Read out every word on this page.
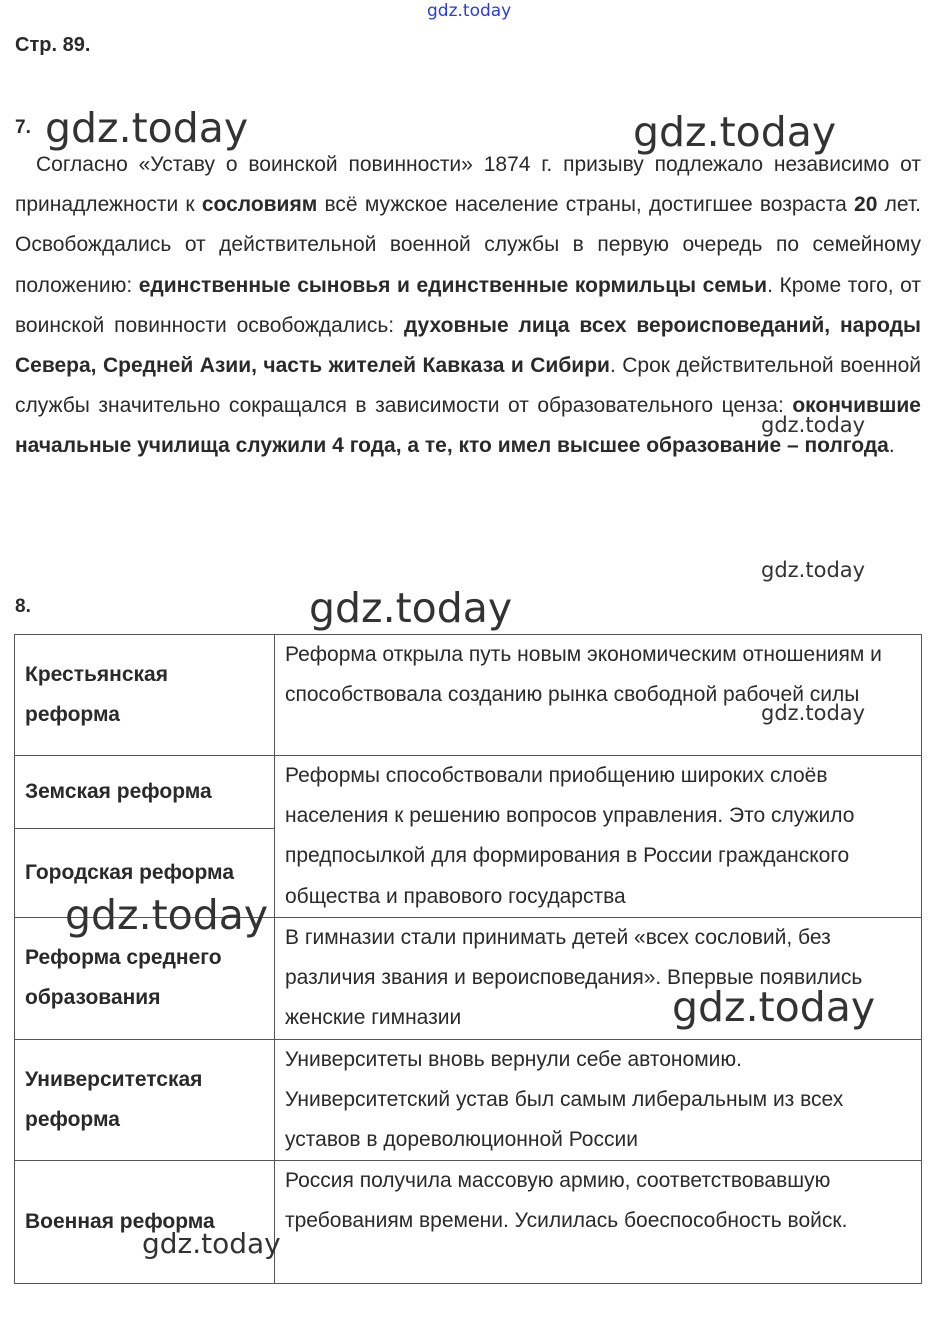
gdz.today
Стр. 89.
7.

 Согласно «Уставу о воинской повинности» 1874 г. призыву подлежало независимо от принадлежности к сословиям всё мужское население страны, достигшее возраста 20 лет. Освобождались от действительной военной службы в первую очередь по семейному положению: единственные сыновья и единственные кормильцы семьи. Кроме того, от воинской повинности освобождались: духовные лица всех вероисповеданий, народы Севера, Средней Азии, часть жителей Кавказа и Сибири. Срок действительной военной службы значительно сокращался в зависимости от образовательного ценза: окончившие начальные училища служили 4 года, а те, кто имел высшее образование – полгода.

8.
Крестьянская реформа	Реформа открыла путь новым экономическим отношениям и способствовала созданию рынка свободной рабочей силы
Земская реформа	Реформы способствовали приобщению широких слоёв населения к решению вопросов управления. Это служило предпосылкой для формирования в России гражданского общества и правового государства
Городская реформа	
Реформа среднего образования	В гимназии стали принимать детей «всех сословий, без различия звания и вероисповедания». Впервые появились женские гимназии
Университетская реформа	Университеты вновь вернули себе автономию. Университетский устав был самым либеральным из всех уставов в дореволюционной России
Военная реформа	Россия получила массовую армию, соответствовавшую требованиям времени. Усилилась боеспособность войск.
gdz.today	gdz.today
gdz.today
gdz.today
gdz.today
gdz.today
gdz.today
gdz.today
gdz.today
